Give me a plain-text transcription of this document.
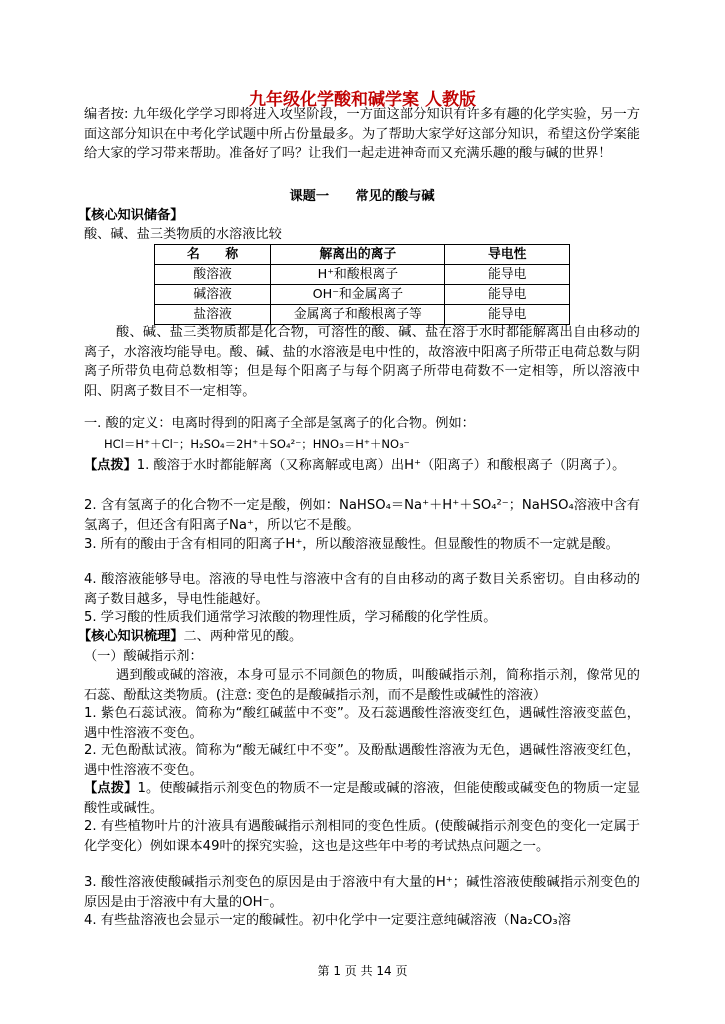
九年级化学酸和碱学案 人教版
编者按: 九年级化学学习即将进入攻坚阶段，一方面这部分知识有许多有趣的化学实验，另一方面这部分知识在中考化学试题中所占份量最多。为了帮助大家学好这部分知识，希望这份学案能给大家的学习带来帮助。准备好了吗？让我们一起走进神奇而又充满乐趣的酸与碱的世界！
课题一　　常见的酸与碱
【核心知识储备】
酸、碱、盐三类物质的水溶液比较
名　　称	解离出的离子	导电性
酸溶液	H⁺和酸根离子	能导电
碱溶液	OH⁻和金属离子	能导电
盐溶液	金属离子和酸根离子等	能导电
酸、碱、盐三类物质都是化合物，可溶性的酸、碱、盐在溶于水时都能解离出自由移动的离子，水溶液均能导电。酸、碱、盐的水溶液是电中性的，故溶液中阳离子所带正电荷总数与阴离子所带负电荷总数相等；但是每个阳离子与每个阴离子所带电荷数不一定相等，所以溶液中阳、阴离子数目不一定相等。
一. 酸的定义：电离时得到的阳离子全部是氢离子的化合物。例如：
HCl＝H⁺＋Cl⁻；H₂SO₄＝2H⁺＋SO₄²⁻；HNO₃＝H⁺＋NO₃⁻
【点拨】1. 酸溶于水时都能解离（又称离解或电离）出H⁺（阳离子）和酸根离子（阴离子）。
2. 含有氢离子的化合物不一定是酸，例如：NaHSO₄＝Na⁺＋H⁺＋SO₄²⁻；NaHSO₄溶液中含有氢离子，但还含有阳离子Na⁺，所以它不是酸。
3. 所有的酸由于含有相同的阳离子H⁺，所以酸溶液显酸性。但显酸性的物质不一定就是酸。
4. 酸溶液能够导电。溶液的导电性与溶液中含有的自由移动的离子数目关系密切。自由移动的离子数目越多，导电性能越好。
5. 学习酸的性质我们通常学习浓酸的物理性质，学习稀酸的化学性质。
【核心知识梳理】二、两种常见的酸。
（一）酸碱指示剂：
遇到酸或碱的溶液，本身可显示不同颜色的物质，叫酸碱指示剂，简称指示剂，像常见的石蕊、酚酞这类物质。(注意: 变色的是酸碱指示剂，而不是酸性或碱性的溶液）
1. 紫色石蕊试液。简称为“酸红碱蓝中不变”。及石蕊遇酸性溶液变红色，遇碱性溶液变蓝色，遇中性溶液不变色。
2. 无色酚酞试液。简称为“酸无碱红中不变”。及酚酞遇酸性溶液为无色，遇碱性溶液变红色，遇中性溶液不变色。
【点拨】1。使酸碱指示剂变色的物质不一定是酸或碱的溶液，但能使酸或碱变色的物质一定显酸性或碱性。
2. 有些植物叶片的汁液具有遇酸碱指示剂相同的变色性质。(使酸碱指示剂变色的变化一定属于化学变化）例如课本49叶的探究实验，这也是这些年中考的考试热点问题之一。
3. 酸性溶液使酸碱指示剂变色的原因是由于溶液中有大量的H⁺；碱性溶液使酸碱指示剂变色的原因是由于溶液中有大量的OH⁻。
4. 有些盐溶液也会显示一定的酸碱性。初中化学中一定要注意纯碱溶液（Na₂CO₃溶
第 1 页 共 14 页
